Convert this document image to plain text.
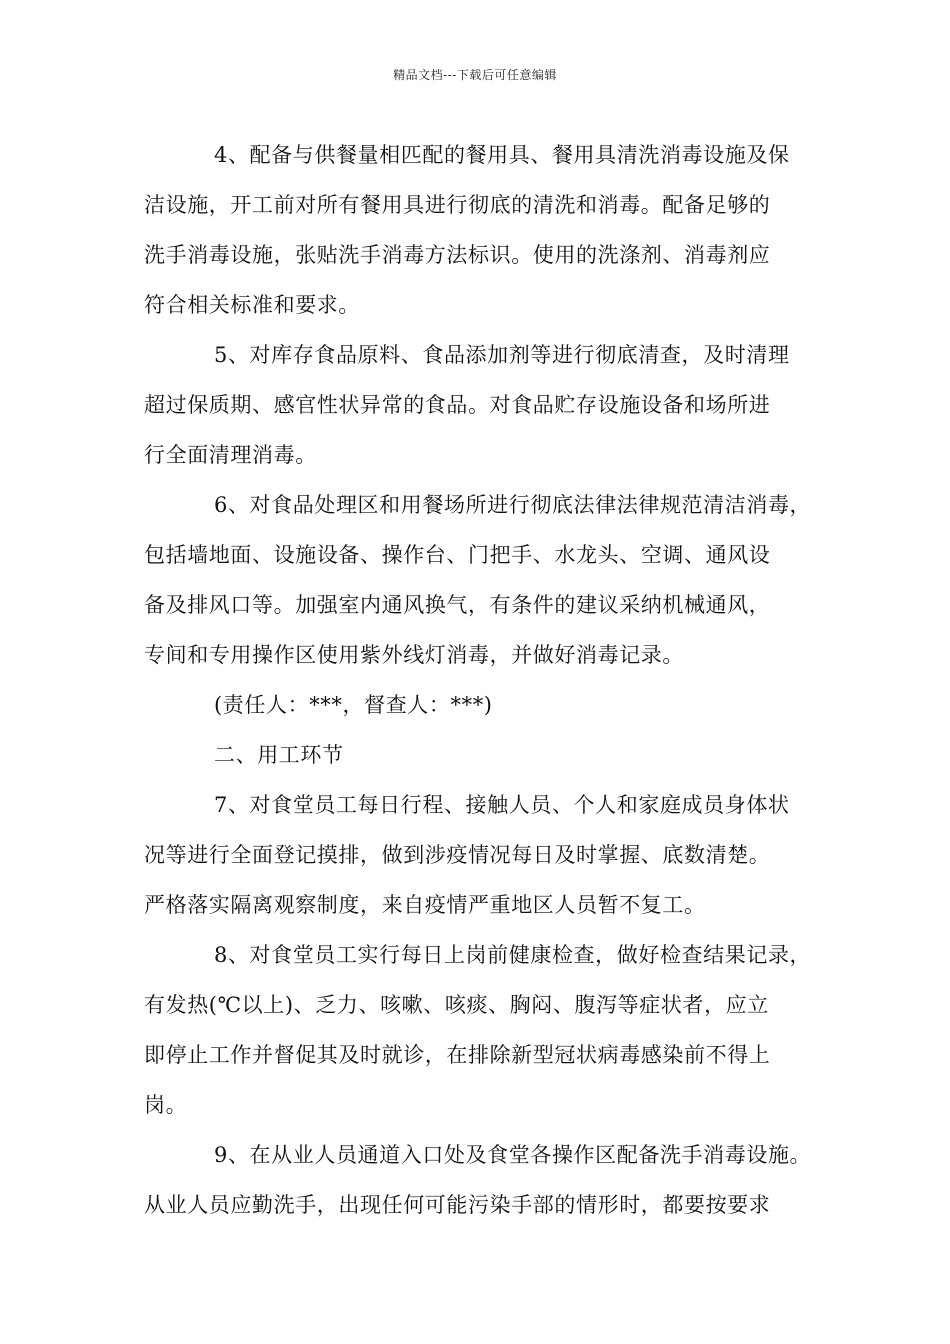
精品文档---下载后可任意编辑
4、配备与供餐量相匹配的餐用具、餐用具清洗消毒设施及保
洁设施，开工前对所有餐用具进行彻底的清洗和消毒。配备足够的
洗手消毒设施，张贴洗手消毒方法标识。使用的洗涤剂、消毒剂应
符合相关标准和要求。
5、对库存食品原料、食品添加剂等进行彻底清查，及时清理
超过保质期、感官性状异常的食品。对食品贮存设施设备和场所进
行全面清理消毒。
6、对食品处理区和用餐场所进行彻底法律法律规范清洁消毒，
包括墙地面、设施设备、操作台、门把手、水龙头、空调、通风设
备及排风口等。加强室内通风换气，有条件的建议采纳机械通风，
专间和专用操作区使用紫外线灯消毒，并做好消毒记录。
(责任人：***，督查人：***)
二、用工环节
7、对食堂员工每日行程、接触人员、个人和家庭成员身体状
况等进行全面登记摸排，做到涉疫情况每日及时掌握、底数清楚。
严格落实隔离观察制度，来自疫情严重地区人员暂不复工。
8、对食堂员工实行每日上岗前健康检查，做好检查结果记录，
有发热(℃以上)、乏力、咳嗽、咳痰、胸闷、腹泻等症状者，应立
即停止工作并督促其及时就诊，在排除新型冠状病毒感染前不得上
岗。
9、在从业人员通道入口处及食堂各操作区配备洗手消毒设施。
从业人员应勤洗手，出现任何可能污染手部的情形时，都要按要求
